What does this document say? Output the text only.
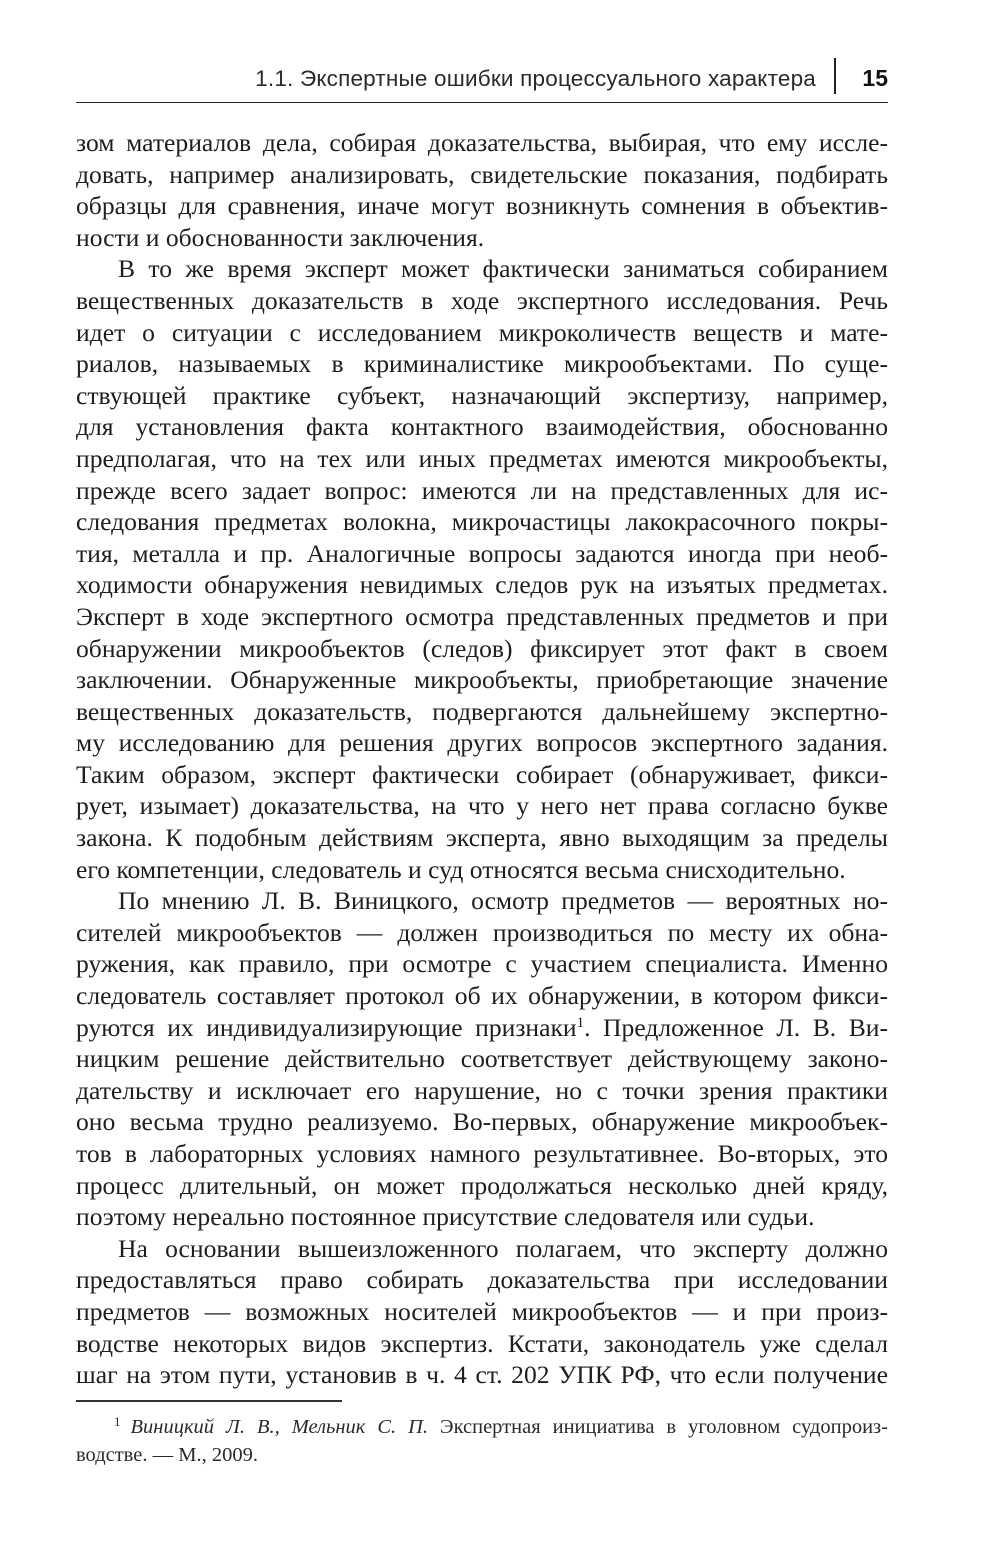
1.1. Экспертные ошибки процессуального характера 15

зом материалов дела, собирая доказательства, выбирая, что ему иссле-
довать, например анализировать, свидетельские показания, подбирать
образцы для сравнения, иначе могут возникнуть сомнения в объектив-
ности и обоснованности заключения.

В то же время эксперт может фактически заниматься собиранием
вещественных доказательств в ходе экспертного исследования. Речь
идет о ситуации с исследованием микроколичеств веществ и мате-
риалов, называемых в криминалистике микрообъектами. По суще-
ствующей практике субъект, назначающий экспертизу, например,
для установления факта контактного взаимодействия, обоснованно
предполагая, что на тех или иных предметах имеются микрообъекты,
прежде всего задает вопрос: имеются ли на представленных для ис-
следования предметах волокна, микрочастицы лакокрасочного покры-
тия, металла и пр. Аналогичные вопросы задаются иногда при необ-
ходимости обнаружения невидимых следов рук на изъятых предметах.
Эксперт в ходе экспертного осмотра представленных предметов и при
обнаружении микрообъектов (следов) фиксирует этот факт в своем
заключении. Обнаруженные микрообъекты, приобретающие значение
вещественных доказательств, подвергаются дальнейшему экспертно-
му исследованию для решения других вопросов экспертного задания.
Таким образом, эксперт фактически собирает (обнаруживает, фикси-
рует, изымает) доказательства, на что у него нет права согласно букве
закона. К подобным действиям эксперта, явно выходящим за пределы
его компетенции, следователь и суд относятся весьма снисходительно.

По мнению Л. В. Виницкого, осмотр предметов — вероятных но-
сителей микрообъектов — должен производиться по месту их обна-
ружения, как правило, при осмотре с участием специалиста. Именно
следователь составляет протокол об их обнаружении, в котором фикси-
руются их индивидуализирующие признаки$^1$. Предложенное Л. В. Ви-
ницким решение действительно соответствует действующему законо-
дательству и исключает его нарушение, но с точки зрения практики
оно весьма трудно реализуемо. Во-первых, обнаружение микрообъек-
тов в лабораторных условиях намного результативнее. Во-вторых, это
процесс длительный, он может продолжаться несколько дней кряду,
поэтому нереально постоянное присутствие следователя или судьи.

На основании вышеизложенного полагаем, что эксперту должно
предоставляться право собирать доказательства при исследовании
предметов — возможных носителей микрообъектов — и при произ-
водстве некоторых видов экспертиз. Кстати, законодатель уже сделал
шаг на этом пути, установив в ч. 4 ст. 202 УПК РФ, что если получение

$^1$ Виницкий Л. В., Мельник С. П. Экспертная инициатива в уголовном судопроиз-
водстве. — М., 2009.
